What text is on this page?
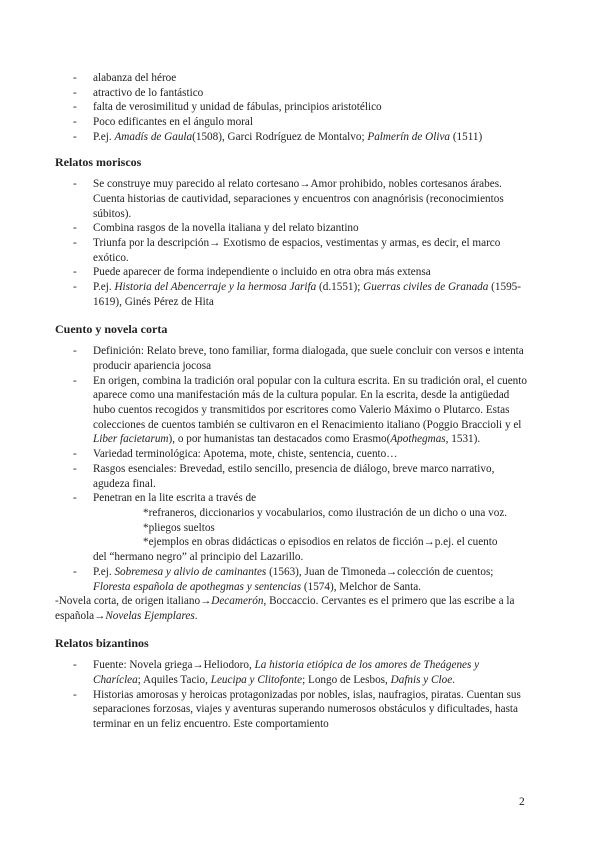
- alabanza del héroe
- atractivo de lo fantástico
- falta de verosimilitud y unidad de fábulas, principios aristotélico
- Poco edificantes en el ángulo moral
- P.ej. Amadís de Gaula(1508), Garci Rodríguez de Montalvo; Palmerín de Oliva (1511)
Relatos moriscos
- Se construye muy parecido al relato cortesano→Amor prohibido, nobles cortesanos árabes. Cuenta historias de cautividad, separaciones y encuentros con anagnórisis (reconocimientos súbitos).
- Combina rasgos de la novella italiana y del relato bizantino
- Triunfa por la descripción→ Exotismo de espacios, vestimentas y armas, es decir, el marco exótico.
- Puede aparecer de forma independiente o incluido en otra obra más extensa
- P.ej. Historia del Abencerraje y la hermosa Jarifa (d.1551); Guerras civiles de Granada (1595-1619), Ginés Pérez de Hita
Cuento y novela corta
- Definición: Relato breve, tono familiar, forma dialogada, que suele concluir con versos e intenta producir apariencia jocosa
- En origen, combina la tradición oral popular con la cultura escrita. En su tradición oral, el cuento aparece como una manifestación más de la cultura popular. En la escrita, desde la antigüedad hubo cuentos recogidos y transmitidos por escritores como Valerio Máximo o Plutarco. Estas colecciones de cuentos también se cultivaron en el Renacimiento italiano (Poggio Braccioli y el Liber facietarum), o por humanistas tan destacados como Erasmo(Apothegmas, 1531).
- Variedad terminológica: Apotema, mote, chiste, sentencia, cuento…
- Rasgos esenciales: Brevedad, estilo sencillo, presencia de diálogo, breve marco narrativo, agudeza final.
- Penetran en la lite escrita a través de
*refraneros, diccionarios y vocabularios, como ilustración de un dicho o una voz.
*pliegos sueltos
*ejemplos en obras didácticas o episodios en relatos de ficción→p.ej. el cuento
del “hermano negro” al principio del Lazarillo.
- P.ej. Sobremesa y alivio de caminantes (1563), Juan de Timoneda→colección de cuentos; Floresta española de apothegmas y sentencias (1574), Melchor de Santa.
-Novela corta, de origen italiano→Decamerón, Boccaccio. Cervantes es el primero que las escribe a la española→Novelas Ejemplares.
Relatos bizantinos
- Fuente: Novela griega→Heliodoro, La historia etiópica de los amores de Theágenes y Charíclea; Aquiles Tacio, Leucipa y Clitofonte; Longo de Lesbos, Dafnis y Cloe.
- Historias amorosas y heroicas protagonizadas por nobles, islas, naufragios, piratas. Cuentan sus separaciones forzosas, viajes y aventuras superando numerosos obstáculos y dificultades, hasta terminar en un feliz encuentro. Este comportamiento
2
